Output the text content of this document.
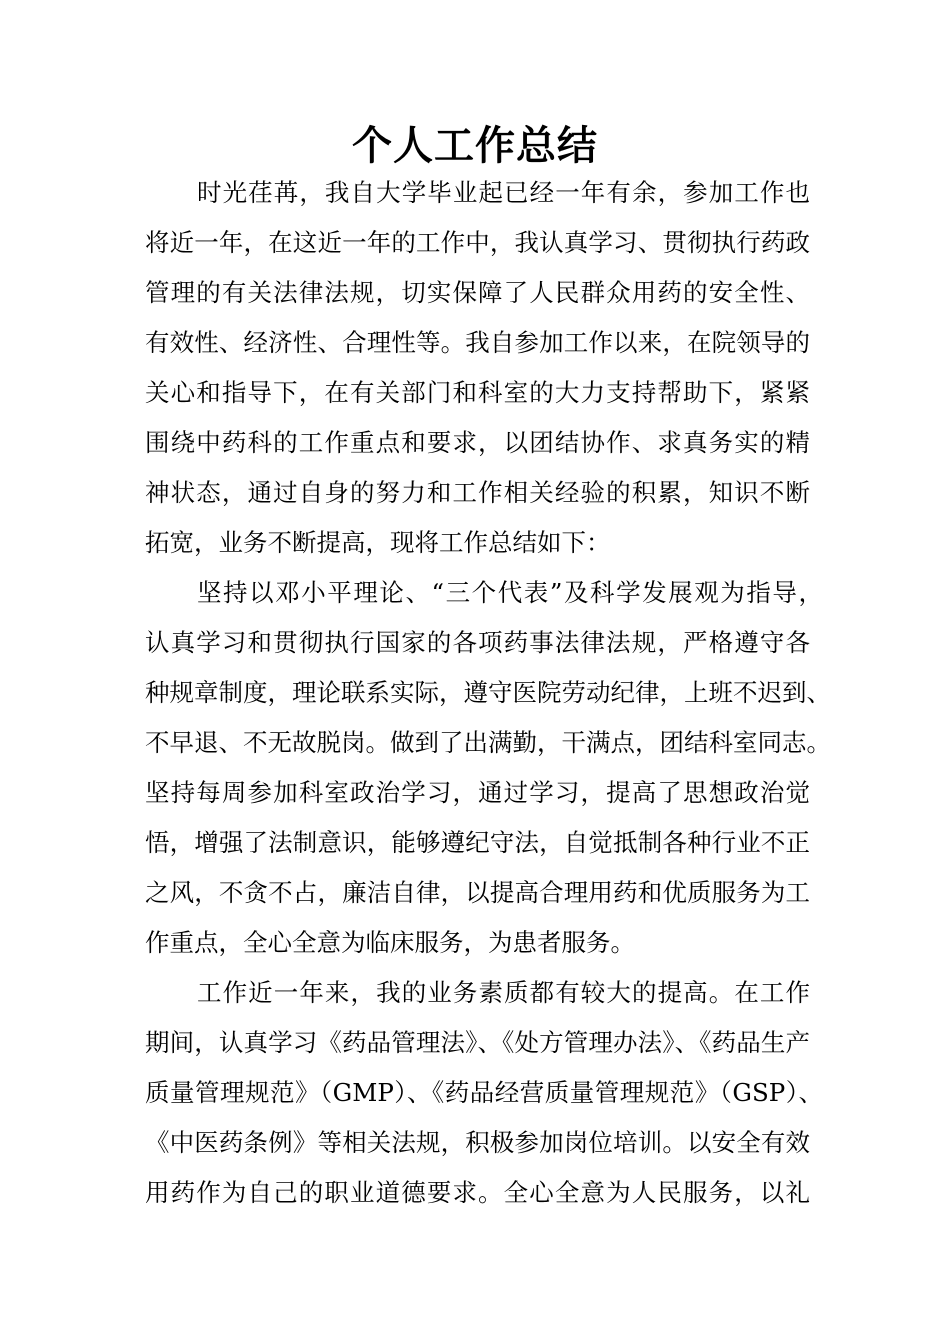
个人工作总结
时光荏苒，我自大学毕业起已经一年有余，参加工作也
将近一年，在这近一年的工作中，我认真学习、贯彻执行药政
管理的有关法律法规，切实保障了人民群众用药的安全性、
有效性、经济性、合理性等。我自参加工作以来，在院领导的
关心和指导下，在有关部门和科室的大力支持帮助下，紧紧
围绕中药科的工作重点和要求，以团结协作、求真务实的精
神状态，通过自身的努力和工作相关经验的积累，知识不断
拓宽，业务不断提高，现将工作总结如下：
坚持以邓小平理论、“三个代表”及科学发展观为指导，
认真学习和贯彻执行国家的各项药事法律法规，严格遵守各
种规章制度，理论联系实际，遵守医院劳动纪律，上班不迟到、
不早退、不无故脱岗。做到了出满勤，干满点，团结科室同志。
坚持每周参加科室政治学习，通过学习，提高了思想政治觉
悟，增强了法制意识，能够遵纪守法，自觉抵制各种行业不正
之风，不贪不占，廉洁自律，以提高合理用药和优质服务为工
作重点，全心全意为临床服务，为患者服务。
工作近一年来，我的业务素质都有较大的提高。在工作
期间，认真学习《药品管理法》、《处方管理办法》、《药品生产
质量管理规范》（GMP）、《药品经营质量管理规范》（GSP）、
《中医药条例》等相关法规，积极参加岗位培训。以安全有效
用药作为自己的职业道德要求。全心全意为人民服务，以礼
